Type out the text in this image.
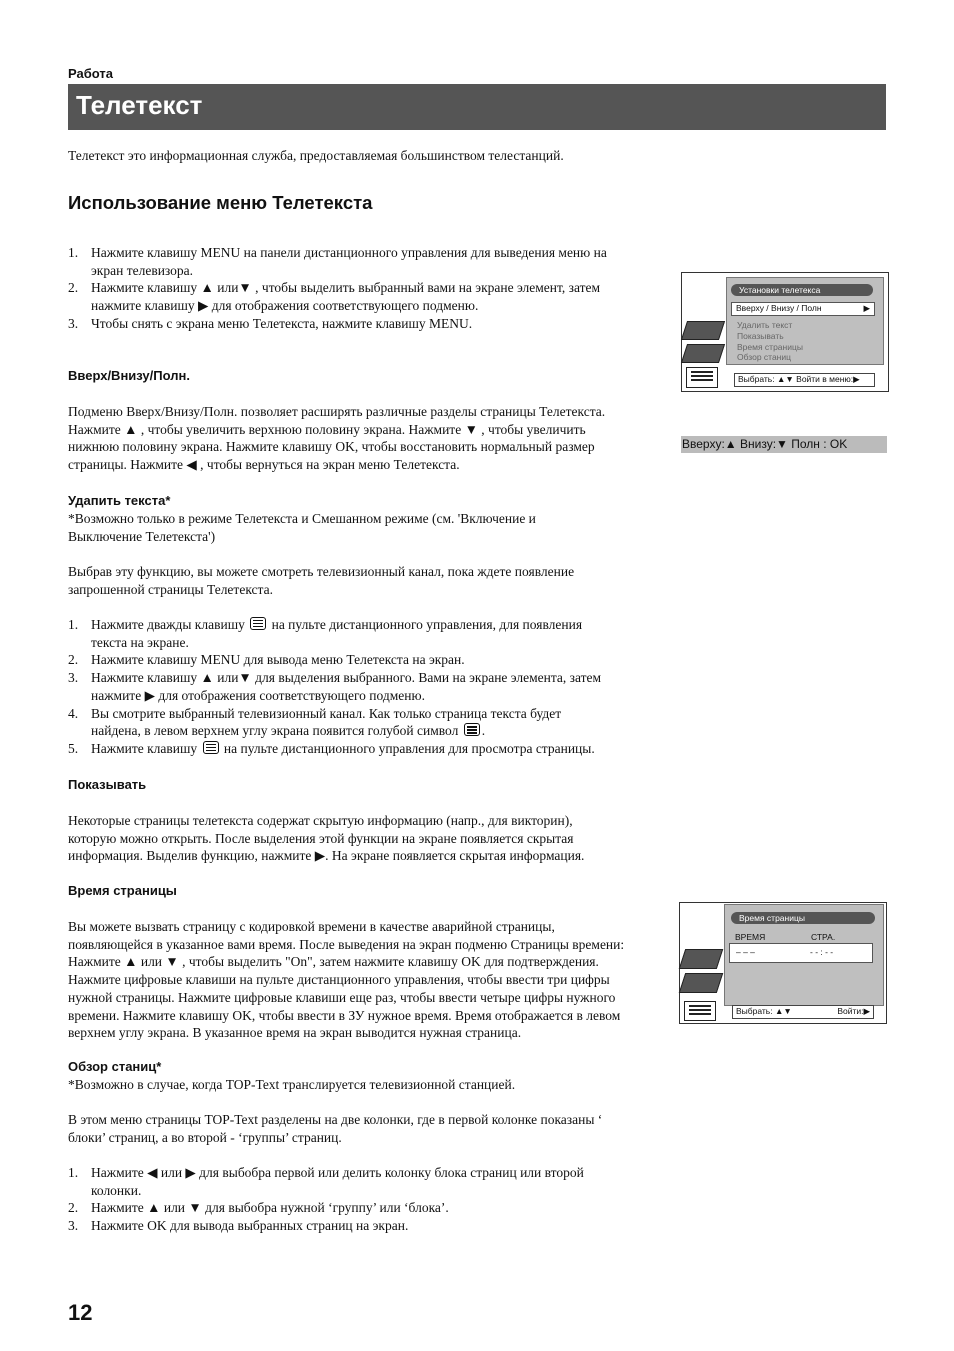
Работа
Телетекст
Телетекст это информационная служба, предоставляемая большинством телестанций.
Использование меню Телетекста
1. Нажмите клавишу MENU на панели дистанционного управления для выведения меню на
экран телевизора.
2. Нажмите клавишу ▲ или▼ , чтобы выделить выбранный вами на экране элемент, затем
нажмите клавишу ▶ для отображения соответствующего подменю.
3. Чтобы снять с экрана меню Телетекста, нажмите клавишу MENU.
Вверх/Внизу/Полн.
Подменю Вверх/Внизу/Полн. позволяет расширять различные разделы страницы Телетекста.
Нажмите ▲ , чтобы увеличить верхнюю половину экрана. Нажмите ▼ , чтобы увеличить
нижнюю половину экрана. Нажмите клавишу OK, чтобы восстановить нормальный размер
страницы. Нажмите ◀ , чтобы вернуться на экран меню Телетекста.
Удапить текста*
*Возможно только в режиме Телетекста и Смешанном режиме (см. 'Включение и
Выключение Телетекста')
Выбрав эту функцию, вы можете смотреть телевизионный канал, пока ждете появление
запрошенной страницы Телетекста.
1. Нажмите дважды клавишу на пульте дистанционного управления, для появления
текста на экране.
2. Нажмите клавишу MENU для вывода меню Телетекста на экран.
3. Нажмите клавишу ▲ или▼ для выделения выбранного. Вами на экране элемента, затем
нажмите ▶ для отображения соответствующего подменю.
4. Вы смотрите выбранный телевизионный канал. Как только страница текста будет
найдена, в левом верхнем углу экрана появится голубой символ .
5. Нажмите клавишу на пульте дистанционного управления для просмотра страницы.
Показывать
Некоторые страницы телетекста содержат скрытую информацию (напр., для викторин),
которую можно открыть. После выделения этой функции на экране появляется скрытая
информация. Выделив функцию, нажмите ▶. На экране появляется скрытая информация.
Время страницы
Вы можете вызвать страницу с кодировкой времени в качестве аварийной страницы,
появляющейся в указанное вами время. После выведения на экран подменю Страницы времени:
Нажмите ▲ или ▼ , чтобы выделить "On", затем нажмите клавишу OK для подтверждения.
Нажмите цифровые клавиши на пульте дистанционного управления, чтобы ввести три цифры
нужной страницы. Нажмите цифровые клавиши еще раз, чтобы ввести четыре цифры нужного
времени. Нажмите клавишу OK, чтобы ввести в ЗУ нужное время. Время отображается в левом
верхнем углу экрана. В указанное время на экран выводится нужная страница.
Обзор станиц*
*Возможно в случае, когда TOP-Text транслируется телевизионной станцией.
В этом меню страницы TOP-Text разделены на две колонки, где в первой колонке показаны ‘
блоки’ страниц, а во второй - ‘группы’ страниц.
1. Нажмите ◀ или ▶ для выбобра первой или делить колонку блока страниц или второй
колонки.
2. Нажмите ▲ или ▼ для выбобра нужной ‘группу’ или ‘блока’.
3. Нажмите OK для вывода выбранных страниц на экран.
Установки телетекса
Вверху / Внизу / Полн	▶
Удалить текст
Показывать
Время страницы
Обзор станиц
Выбрать: ▲▼ Войти в меню:▶
Вверху:▲ Внизу:▼ Полн : OK
Время страницы
ВРЕМЯ	СТРА.
– – –	- - : - -
Выбрать: ▲▼	Войти:▶
12
